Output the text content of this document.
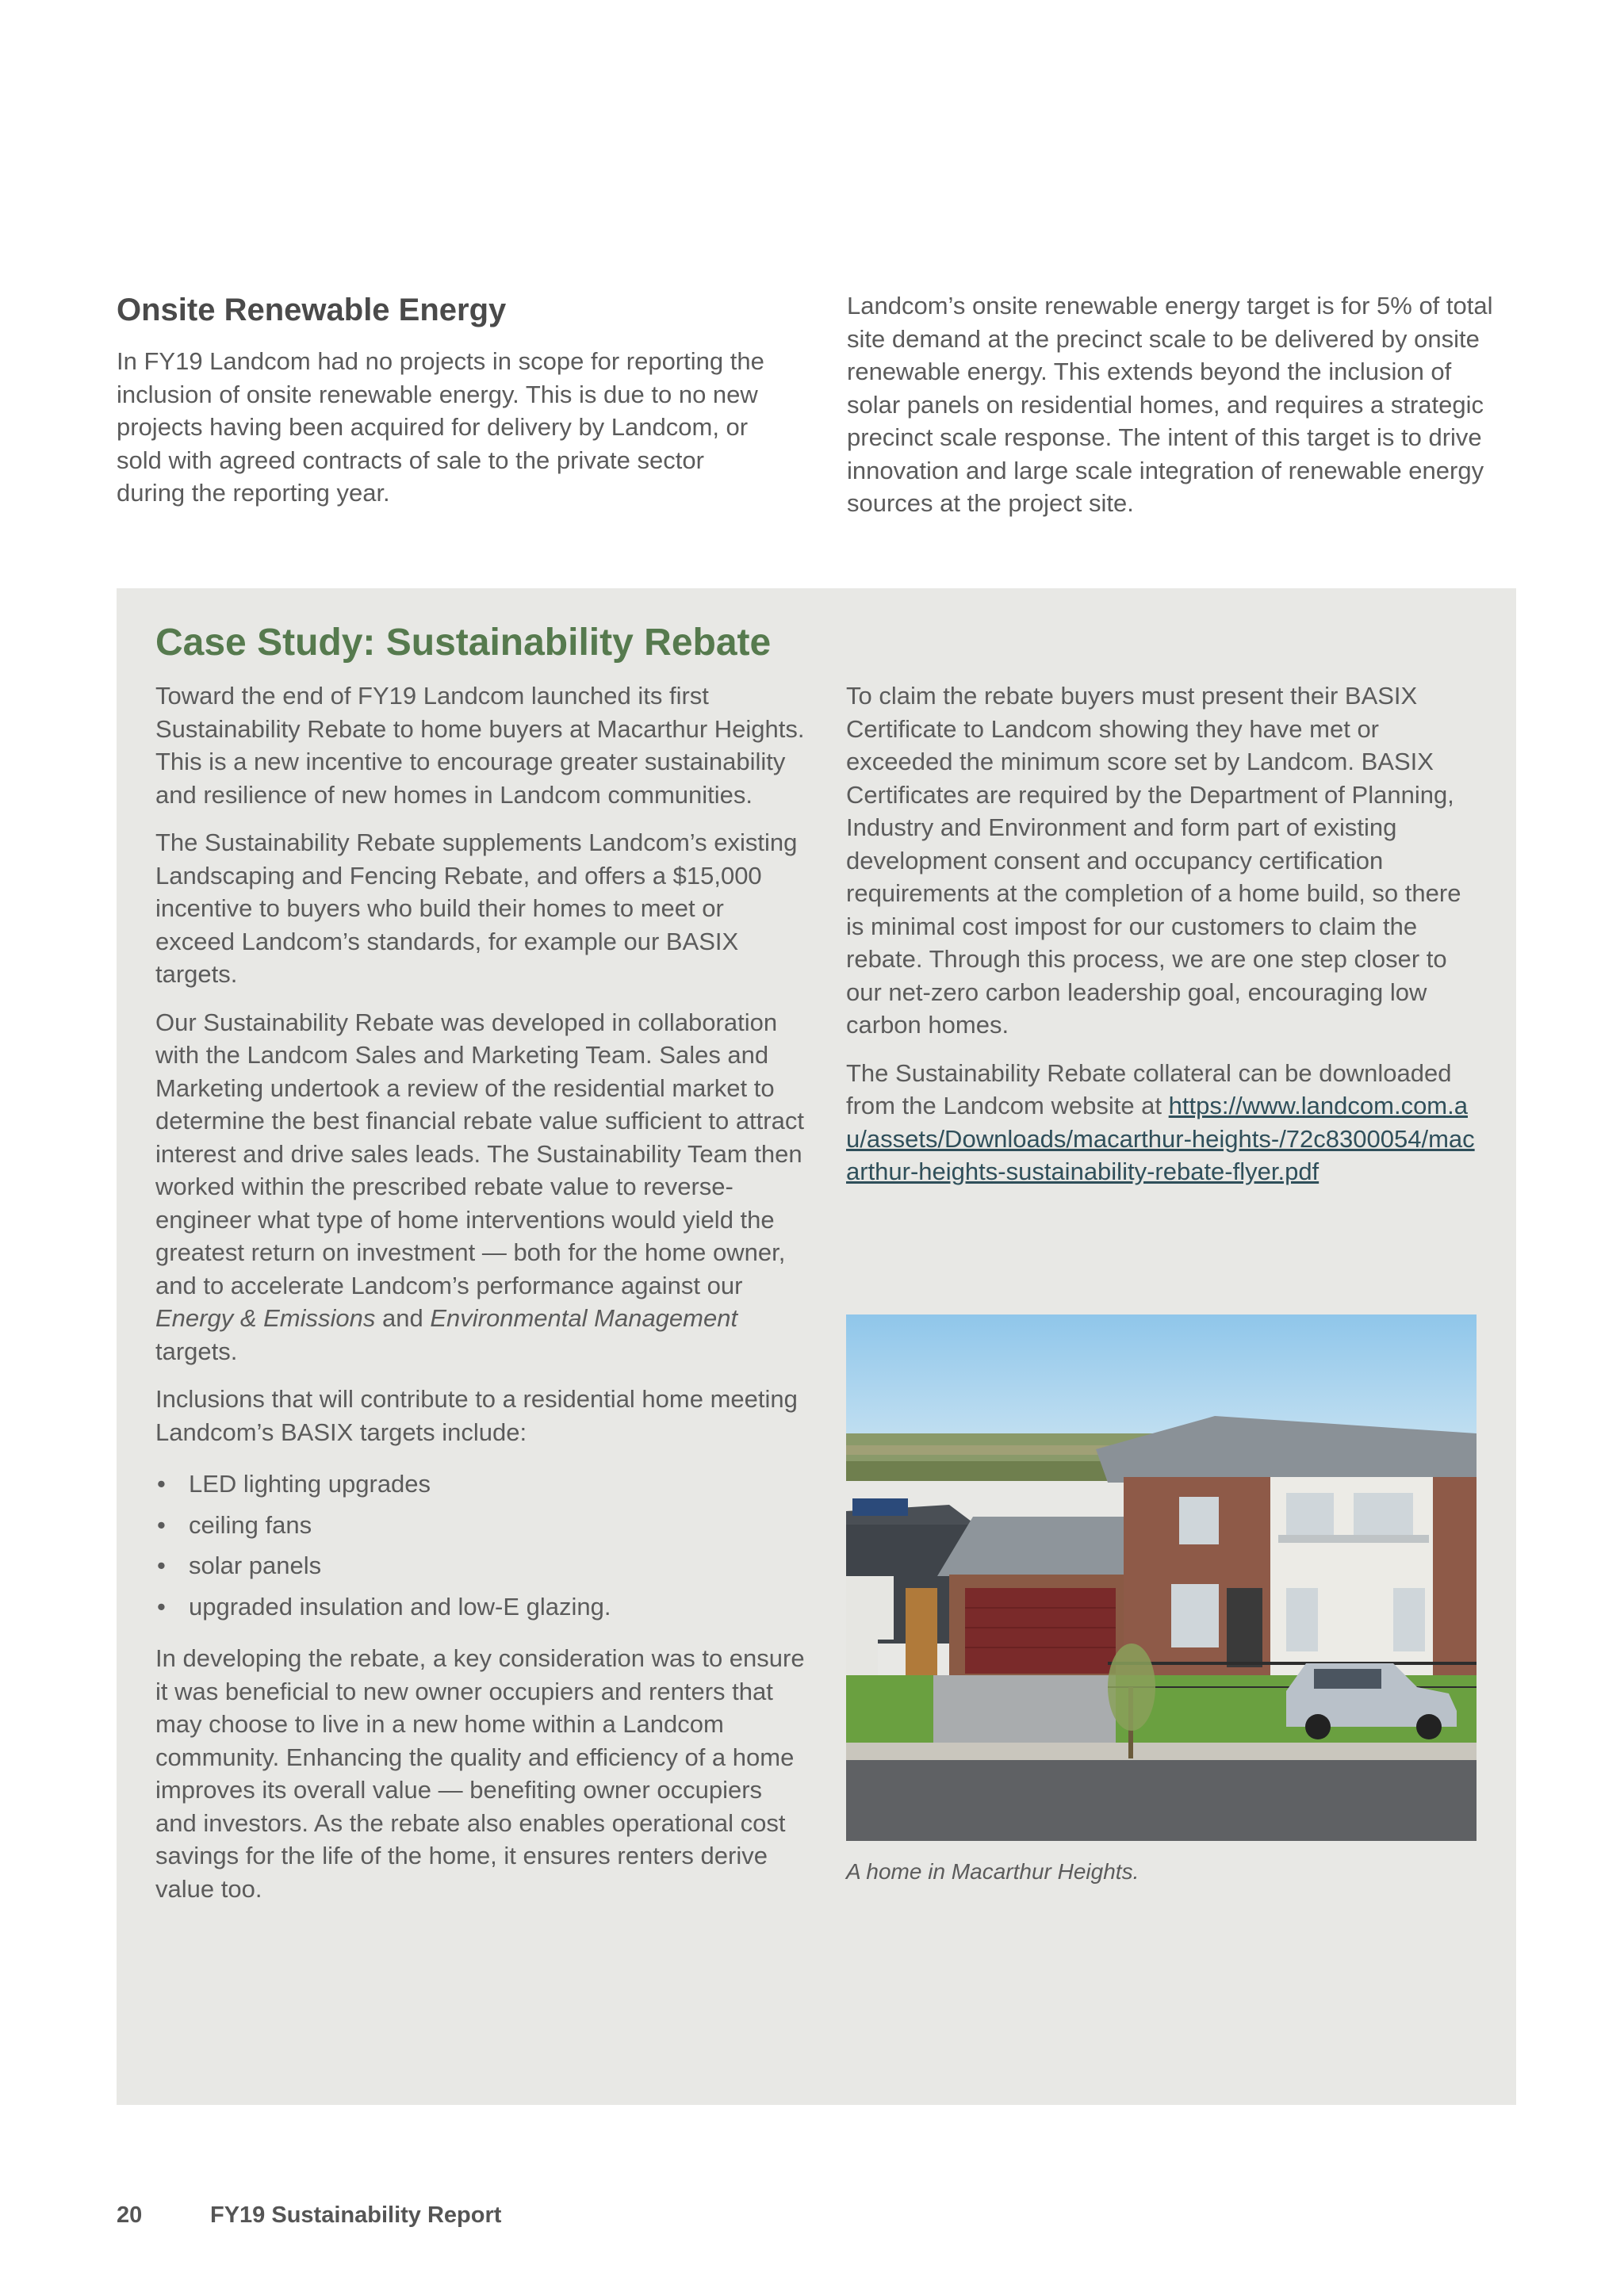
Onsite Renewable Energy

In FY19 Landcom had no projects in scope for reporting the inclusion of onsite renewable energy. This is due to no new projects having been acquired for delivery by Landcom, or sold with agreed contracts of sale to the private sector during the reporting year.

Landcom’s onsite renewable energy target is for 5% of total site demand at the precinct scale to be delivered by onsite renewable energy. This extends beyond the inclusion of solar panels on residential homes, and requires a strategic precinct scale response. The intent of this target is to drive innovation and large scale integration of renewable energy sources at the project site.

Case Study: Sustainability Rebate

Toward the end of FY19 Landcom launched its first Sustainability Rebate to home buyers at Macarthur Heights. This is a new incentive to encourage greater sustainability and resilience of new homes in Landcom communities.

The Sustainability Rebate supplements Landcom’s existing Landscaping and Fencing Rebate, and offers a $15,000 incentive to buyers who build their homes to meet or exceed Landcom’s standards, for example our BASIX targets.

Our Sustainability Rebate was developed in collaboration with the Landcom Sales and Marketing Team. Sales and Marketing undertook a review of the residential market to determine the best financial rebate value sufficient to attract interest and drive sales leads. The Sustainability Team then worked within the prescribed rebate value to reverse-engineer what type of home interventions would yield the greatest return on investment — both for the home owner, and to accelerate Landcom’s performance against our
Energy & Emissions and Environmental Management
targets.

Inclusions that will contribute to a residential home meeting Landcom’s BASIX targets include:

• LED lighting upgrades
• ceiling fans
• solar panels
• upgraded insulation and low-E glazing.

In developing the rebate, a key consideration was to ensure it was beneficial to new owner occupiers and renters that may choose to live in a new home within a Landcom community. Enhancing the quality and efficiency of a home improves its overall value — benefiting owner occupiers and investors. As the rebate also enables operational cost savings for the life of the home, it ensures renters derive value too.

To claim the rebate buyers must present their BASIX Certificate to Landcom showing they have met or exceeded the minimum score set by Landcom. BASIX Certificates are required by the Department of Planning, Industry and Environment and form part of existing development consent and occupancy certification requirements at the completion of a home build, so there is minimal cost impost for our customers to claim the rebate. Through this process, we are one step closer to our net-zero carbon leadership goal, encouraging low carbon homes.

The Sustainability Rebate collateral can be downloaded from the Landcom website at https://www.landcom.com.au/assets/Downloads/macarthur-heights-/72c8300054/macarthur-heights-sustainability-rebate-flyer.pdf

A home in Macarthur Heights.
20	FY19 Sustainability Report
